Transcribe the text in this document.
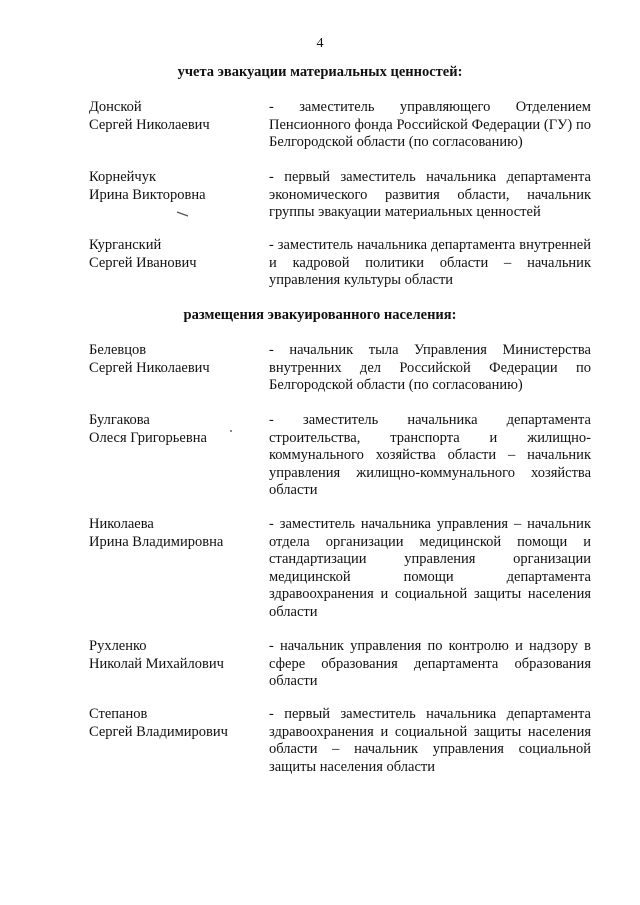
4
учета эвакуации материальных ценностей:
Донской
Сергей Николаевич
- заместитель управляющего Отделением Пенсионного фонда Российской Федерации (ГУ) по Белгородской области (по согласованию)
Корнейчук
Ирина Викторовна
- первый заместитель начальника департамента экономического развития области, начальник группы эвакуации материальных ценностей
Курганский
Сергей Иванович
- заместитель начальника департамента внутренней и кадровой политики области – начальник управления культуры области
размещения эвакуированного населения:
Белевцов
Сергей Николаевич
- начальник тыла Управления Министерства внутренних дел Российской Федерации по Белгородской области (по согласованию)
Булгакова
Олеся Григорьевна
- заместитель начальника департамента строительства, транспорта и жилищно-коммунального хозяйства области – начальник управления жилищно-коммунального хозяйства области
Николаева
Ирина Владимировна
- заместитель начальника управления – начальник отдела организации медицинской помощи и стандартизации управления организации медицинской помощи департамента здравоохранения и социальной защиты населения области
Рухленко
Николай Михайлович
- начальник управления по контролю и надзору в сфере образования департамента образования области
Степанов
Сергей Владимирович
- первый заместитель начальника департамента здравоохранения и социальной защиты населения области – начальник управления социальной защиты населения области
